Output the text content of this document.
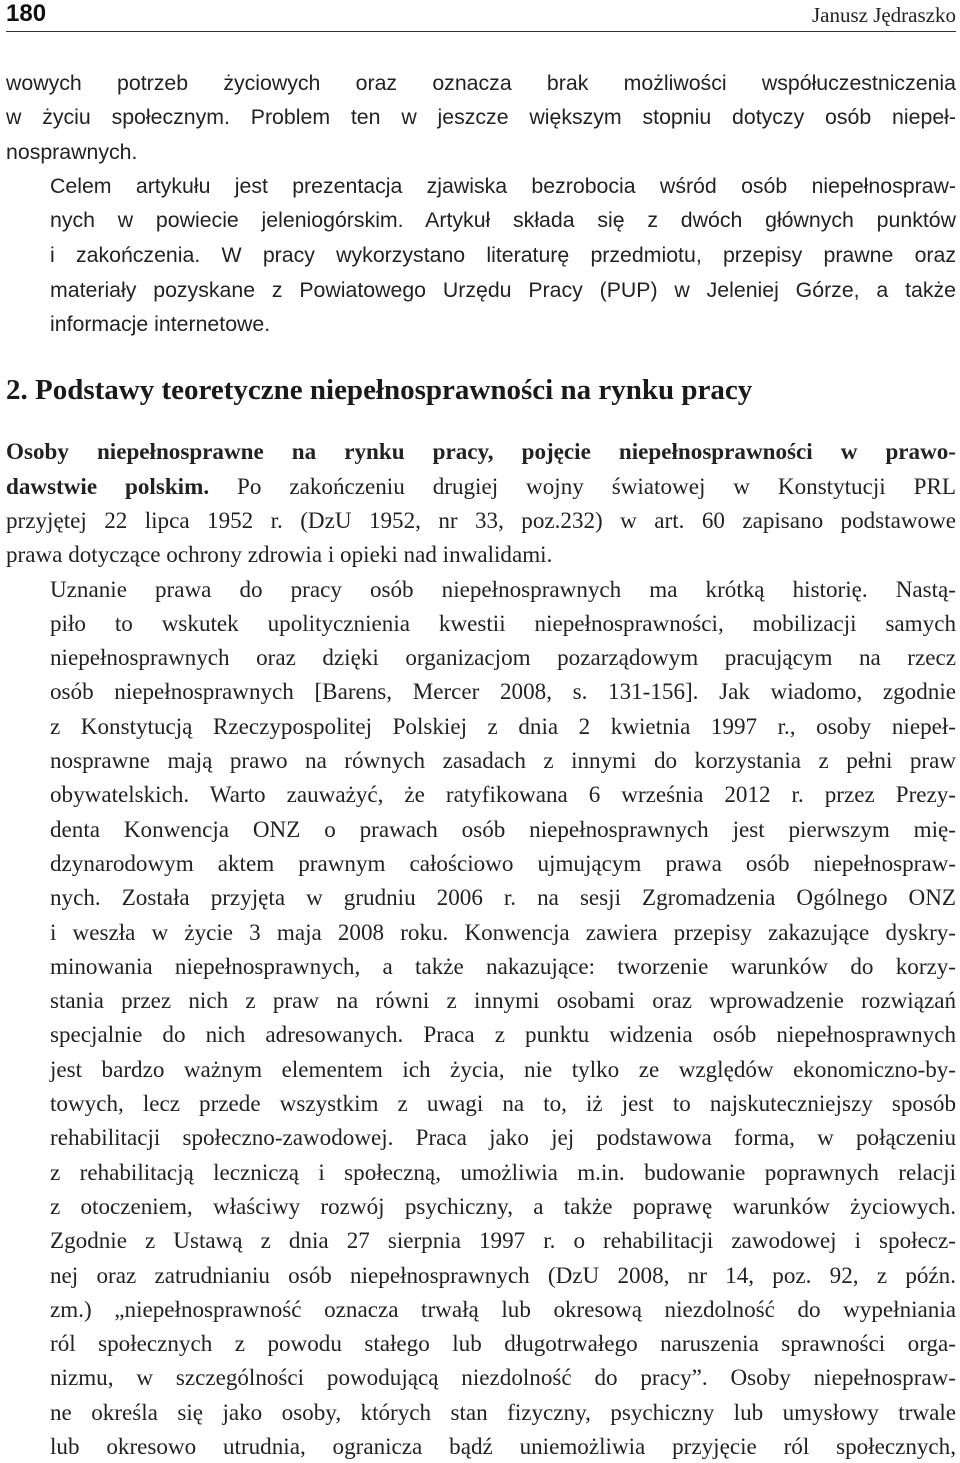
180	Janusz Jędraszko

wowych potrzeb życiowych oraz oznacza brak możliwości współuczestniczenia
w życiu społecznym. Problem ten w jeszcze większym stopniu dotyczy osób niepeł-
nosprawnych.

Celem artykułu jest prezentacja zjawiska bezrobocia wśród osób niepełnospraw-
nych w powiecie jeleniogórskim. Artykuł składa się z dwóch głównych punktów
i zakończenia. W pracy wykorzystano literaturę przedmiotu, przepisy prawne oraz
materiały pozyskane z Powiatowego Urzędu Pracy (PUP) w Jeleniej Górze, a także
informacje internetowe.

2. Podstawy teoretyczne niepełnosprawności na rynku pracy

Osoby niepełnosprawne na rynku pracy, pojęcie niepełnosprawności w prawo-
dawstwie polskim. Po zakończeniu drugiej wojny światowej w Konstytucji PRL
przyjętej 22 lipca 1952 r. (DzU 1952, nr 33, poz.232) w art. 60 zapisano podstawowe
prawa dotyczące ochrony zdrowia i opieki nad inwalidami.

Uznanie prawa do pracy osób niepełnosprawnych ma krótką historię. Nastą-
piło to wskutek upolitycznienia kwestii niepełnosprawności, mobilizacji samych
niepełnosprawnych oraz dzięki organizacjom pozarządowym pracującym na rzecz
osób niepełnosprawnych [Barens, Mercer 2008, s. 131-156]. Jak wiadomo, zgodnie
z Konstytucją Rzeczypospolitej Polskiej z dnia 2 kwietnia 1997 r., osoby niepeł-
nosprawne mają prawo na równych zasadach z innymi do korzystania z pełni praw
obywatelskich. Warto zauważyć, że ratyfikowana 6 września 2012 r. przez Prezy-
denta Konwencja ONZ o prawach osób niepełnosprawnych jest pierwszym mię-
dzynarodowym aktem prawnym całościowo ujmującym prawa osób niepełnospraw-
nych. Została przyjęta w grudniu 2006 r. na sesji Zgromadzenia Ogólnego ONZ
i weszła w życie 3 maja 2008 roku. Konwencja zawiera przepisy zakazujące dyskry-
minowania niepełnosprawnych, a także nakazujące: tworzenie warunków do korzy-
stania przez nich z praw na równi z innymi osobami oraz wprowadzenie rozwiązań
specjalnie do nich adresowanych. Praca z punktu widzenia osób niepełnosprawnych
jest bardzo ważnym elementem ich życia, nie tylko ze względów ekonomiczno-by-
towych, lecz przede wszystkim z uwagi na to, iż jest to najskuteczniejszy sposób
rehabilitacji społeczno-zawodowej. Praca jako jej podstawowa forma, w połączeniu
z rehabilitacją leczniczą i społeczną, umożliwia m.in. budowanie poprawnych relacji
z otoczeniem, właściwy rozwój psychiczny, a także poprawę warunków życiowych.
Zgodnie z Ustawą z dnia 27 sierpnia 1997 r. o rehabilitacji zawodowej i społecz-
nej oraz zatrudnianiu osób niepełnosprawnych (DzU 2008, nr 14, poz. 92, z późn.
zm.) „niepełnosprawność oznacza trwałą lub okresową niezdolność do wypełniania
ról społecznych z powodu stałego lub długotrwałego naruszenia sprawności orga-
nizmu, w szczególności powodującą niezdolność do pracy”. Osoby niepełnospraw-
ne określa się jako osoby, których stan fizyczny, psychiczny lub umysłowy trwale
lub okresowo utrudnia, ogranicza bądź uniemożliwia przyjęcie ról społecznych,
